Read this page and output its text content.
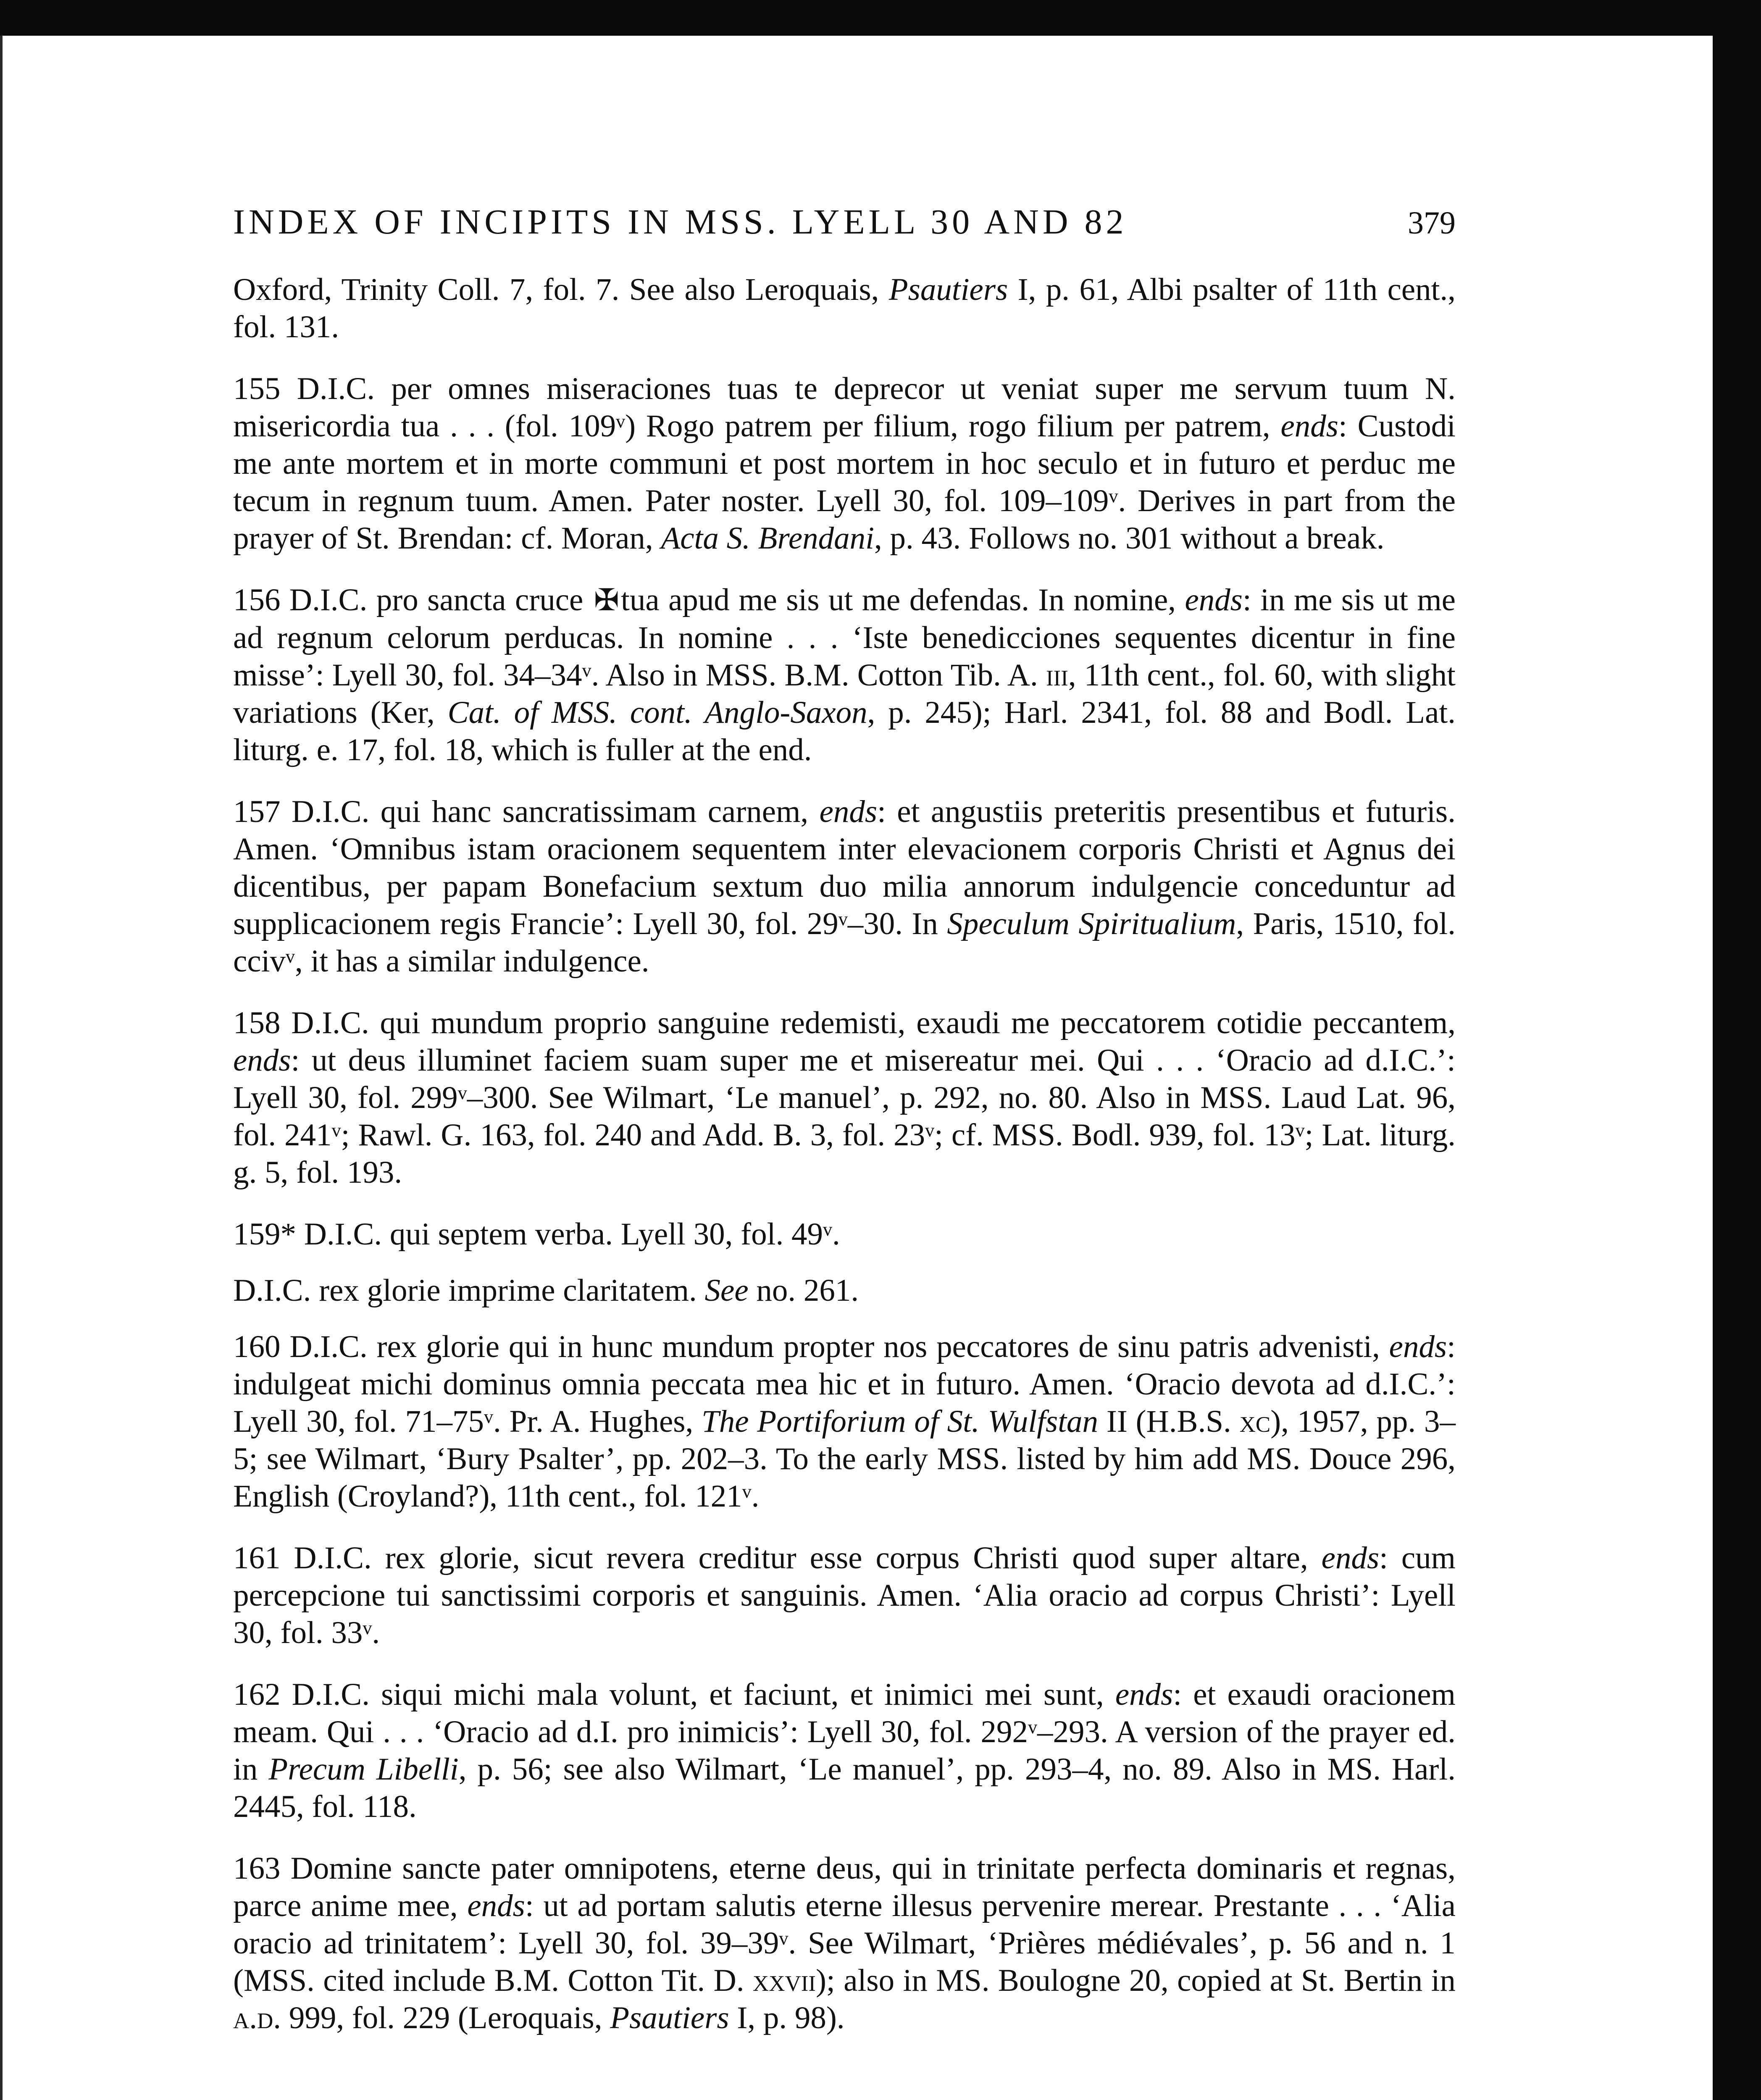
INDEX OF INCIPITS IN MSS. LYELL 30 AND 82	379

Oxford, Trinity Coll. 7, fol. 7. See also Leroquais, Psautiers I, p. 61, Albi psalter of 11th cent., fol. 131.

155 D.I.C. per omnes miseraciones tuas te deprecor ut veniat super me servum tuum N. misericordia tua . . . (fol. 109ᵛ) Rogo patrem per filium, rogo filium per patrem, ends: Custodi me ante mortem et in morte communi et post mortem in hoc seculo et in futuro et perduc me tecum in regnum tuum. Amen. Pater noster. Lyell 30, fol. 109–109ᵛ. Derives in part from the prayer of St. Brendan: cf. Moran, Acta S. Brendani, p. 43. Follows no. 301 without a break.

156 D.I.C. pro sancta cruce ✠tua apud me sis ut me defendas. In nomine, ends: in me sis ut me ad regnum celorum perducas. In nomine . . . ‘Iste benedicciones sequentes dicentur in fine misse’: Lyell 30, fol. 34–34ᵛ. Also in MSS. B.M. Cotton Tib. A. iii, 11th cent., fol. 60, with slight variations (Ker, Cat. of MSS. cont. Anglo-Saxon, p. 245); Harl. 2341, fol. 88 and Bodl. Lat. liturg. e. 17, fol. 18, which is fuller at the end.

157 D.I.C. qui hanc sancratissimam carnem, ends: et angustiis preteritis presentibus et futuris. Amen. ‘Omnibus istam oracionem sequentem inter elevacionem corporis Christi et Agnus dei dicentibus, per papam Bonefacium sextum duo milia annorum indulgencie conceduntur ad supplicacionem regis Francie’: Lyell 30, fol. 29ᵛ–30. In Speculum Spiritualium, Paris, 1510, fol. ccivᵛ, it has a similar indulgence.

158 D.I.C. qui mundum proprio sanguine redemisti, exaudi me peccatorem cotidie peccantem, ends: ut deus illuminet faciem suam super me et misereatur mei. Qui . . . ‘Oracio ad d.I.C.’: Lyell 30, fol. 299ᵛ–300. See Wilmart, ‘Le manuel’, p. 292, no. 80. Also in MSS. Laud Lat. 96, fol. 241ᵛ; Rawl. G. 163, fol. 240 and Add. B. 3, fol. 23ᵛ; cf. MSS. Bodl. 939, fol. 13ᵛ; Lat. liturg. g. 5, fol. 193.

159* D.I.C. qui septem verba. Lyell 30, fol. 49ᵛ.

D.I.C. rex glorie imprime claritatem. See no. 261.

160 D.I.C. rex glorie qui in hunc mundum propter nos peccatores de sinu patris advenisti, ends: indulgeat michi dominus omnia peccata mea hic et in futuro. Amen. ‘Oracio devota ad d.I.C.’: Lyell 30, fol. 71–75ᵛ. Pr. A. Hughes, The Portiforium of St. Wulfstan II (H.B.S. xc), 1957, pp. 3–5; see Wilmart, ‘Bury Psalter’, pp. 202–3. To the early MSS. listed by him add MS. Douce 296, English (Croyland?), 11th cent., fol. 121ᵛ.

161 D.I.C. rex glorie, sicut revera creditur esse corpus Christi quod super altare, ends: cum percepcione tui sanctissimi corporis et sanguinis. Amen. ‘Alia oracio ad corpus Christi’: Lyell 30, fol. 33ᵛ.

162 D.I.C. siqui michi mala volunt, et faciunt, et inimici mei sunt, ends: et exaudi oracionem meam. Qui . . . ‘Oracio ad d.I. pro inimicis’: Lyell 30, fol. 292ᵛ–293. A version of the prayer ed. in Precum Libelli, p. 56; see also Wilmart, ‘Le manuel’, pp. 293–4, no. 89. Also in MS. Harl. 2445, fol. 118.

163 Domine sancte pater omnipotens, eterne deus, qui in trinitate perfecta dominaris et regnas, parce anime mee, ends: ut ad portam salutis eterne illesus pervenire merear. Prestante . . . ‘Alia oracio ad trinitatem’: Lyell 30, fol. 39–39ᵛ. See Wilmart, ‘Prières médiévales’, p. 56 and n. 1 (MSS. cited include B.M. Cotton Tit. D. xxvii); also in MS. Boulogne 20, copied at St. Bertin in a.d. 999, fol. 229 (Leroquais, Psautiers I, p. 98).
